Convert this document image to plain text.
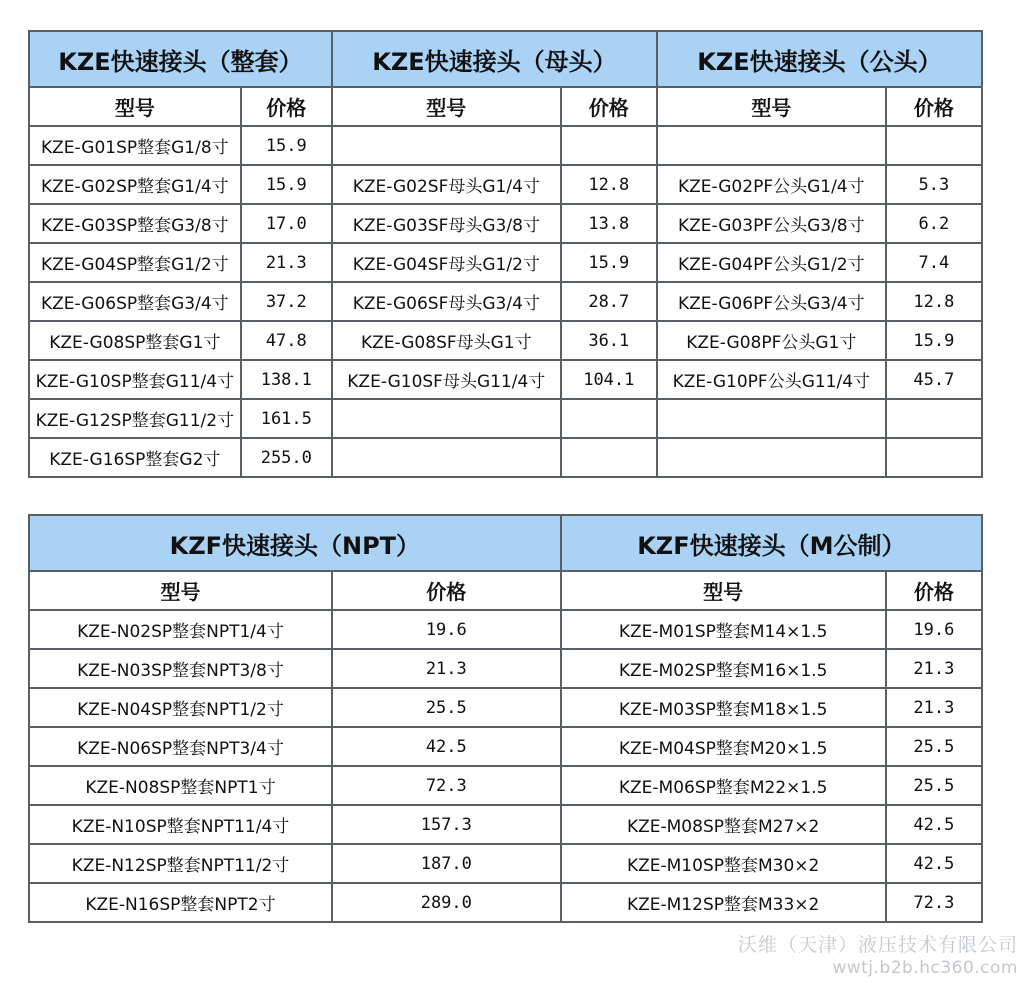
KZE快速接头（整套）		KZE快速接头（母头）		KZE快速接头（公头）	
型号	价格	型号	价格	型号	价格
KZE-G01SP整套G1/8寸	15.9				
KZE-G02SP整套G1/4寸	15.9	KZE-G02SF母头G1/4寸	12.8	KZE-G02PF公头G1/4寸	5.3
KZE-G03SP整套G3/8寸	17.0	KZE-G03SF母头G3/8寸	13.8	KZE-G03PF公头G3/8寸	6.2
KZE-G04SP整套G1/2寸	21.3	KZE-G04SF母头G1/2寸	15.9	KZE-G04PF公头G1/2寸	7.4
KZE-G06SP整套G3/4寸	37.2	KZE-G06SF母头G3/4寸	28.7	KZE-G06PF公头G3/4寸	12.8
KZE-G08SP整套G1寸	47.8	KZE-G08SF母头G1寸	36.1	KZE-G08PF公头G1寸	15.9
KZE-G10SP整套G11/4寸	138.1	KZE-G10SF母头G11/4寸	104.1	KZE-G10PF公头G11/4寸	45.7
KZE-G12SP整套G11/2寸	161.5				
KZE-G16SP整套G2寸	255.0				
KZF快速接头（NPT）		KZF快速接头（M公制）	
型号	价格	型号	价格
KZE-N02SP整套NPT1/4寸	19.6	KZE-M01SP整套M14×1.5	19.6
KZE-N03SP整套NPT3/8寸	21.3	KZE-M02SP整套M16×1.5	21.3
KZE-N04SP整套NPT1/2寸	25.5	KZE-M03SP整套M18×1.5	21.3
KZE-N06SP整套NPT3/4寸	42.5	KZE-M04SP整套M20×1.5	25.5
KZE-N08SP整套NPT1寸	72.3	KZE-M06SP整套M22×1.5	25.5
KZE-N10SP整套NPT11/4寸	157.3	KZE-M08SP整套M27×2	42.5
KZE-N12SP整套NPT11/2寸	187.0	KZE-M10SP整套M30×2	42.5
KZE-N16SP整套NPT2寸	289.0	KZE-M12SP整套M33×2	72.3
沃维（天津）液压技术有限公司
wwtj.b2b.hc360.com
